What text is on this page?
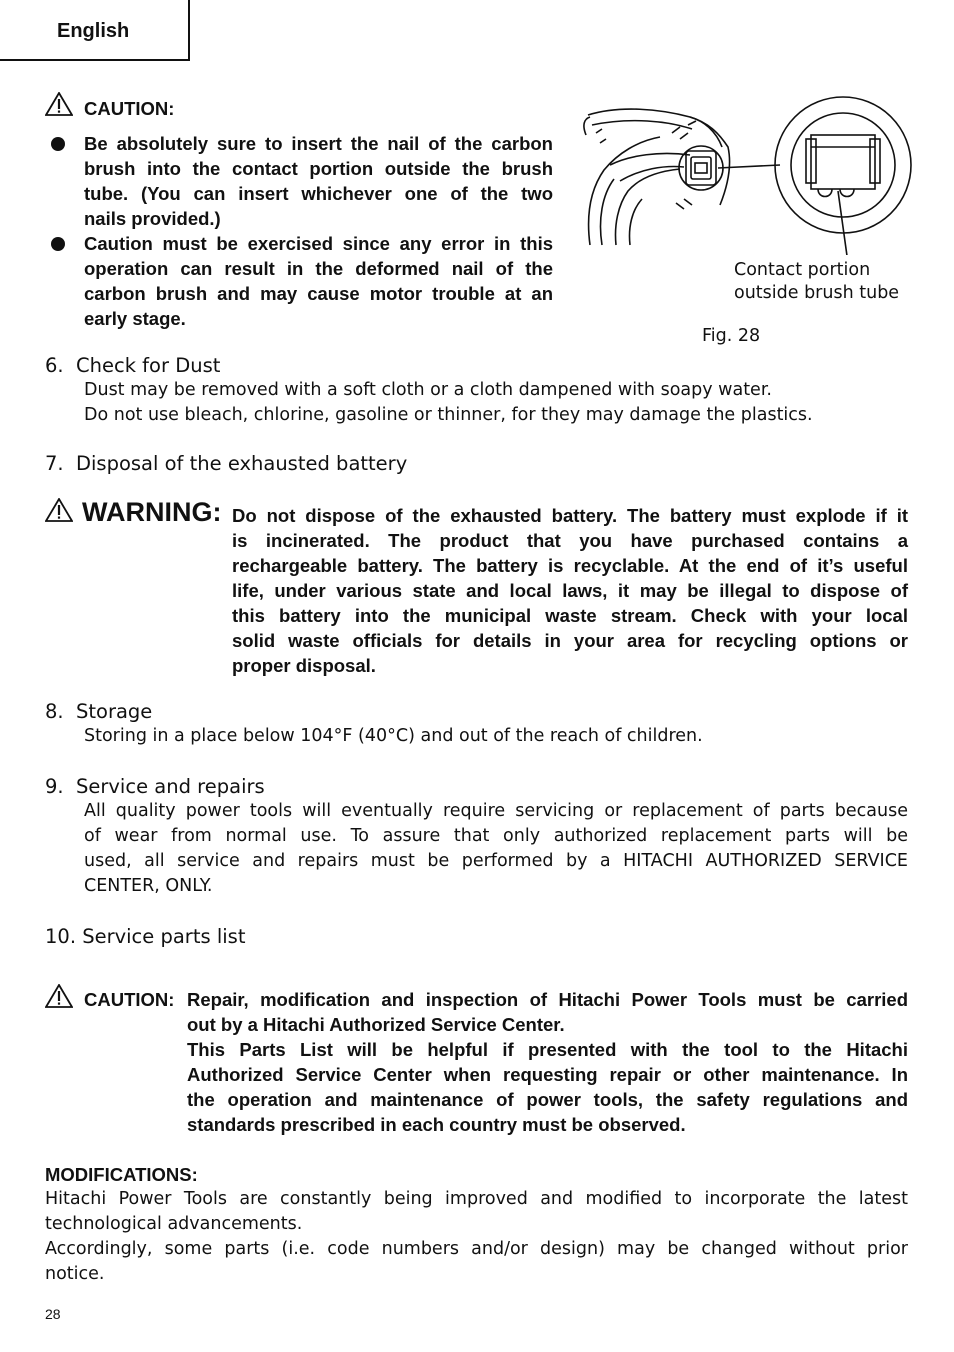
English
CAUTION:
Be absolutely sure to insert the nail of the carbon
brush into the contact portion outside the brush
tube. (You can insert whichever one of the two
nails provided.)
Caution must be exercised since any error in this
operation can result in the deformed nail of the
carbon brush and may cause motor trouble at an
early stage.
Contact portion
outside brush tube
Fig. 28
6.  Check for Dust
Dust may be removed with a soft cloth or a cloth dampened with soapy water.
Do not use bleach, chlorine, gasoline or thinner, for they may damage the plastics.
7.  Disposal of the exhausted battery
WARNING: Do not dispose of the exhausted battery. The battery must explode if it
is incinerated. The product that you have purchased contains a
rechargeable battery. The battery is recyclable. At the end of it’s useful
life, under various state and local laws, it may be illegal to dispose of
this battery into the municipal waste stream. Check with your local
solid waste officials for details in your area for recycling options or
proper disposal.
8.  Storage
Storing in a place below 104°F (40°C) and out of the reach of children.
9.  Service and repairs
All quality power tools will eventually require servicing or replacement of parts because
of wear from normal use. To assure that only authorized replacement parts will be
used, all service and repairs must be performed by a HITACHI AUTHORIZED SERVICE
CENTER, ONLY.
10. Service parts list
CAUTION: Repair, modification and inspection of Hitachi Power Tools must be carried
out by a Hitachi Authorized Service Center.
This Parts List will be helpful if presented with the tool to the Hitachi
Authorized Service Center when requesting repair or other maintenance. In
the operation and maintenance of power tools, the safety regulations and
standards prescribed in each country must be observed.
MODIFICATIONS:
Hitachi Power Tools are constantly being improved and modified to incorporate the latest
technological advancements.
Accordingly, some parts (i.e. code numbers and/or design) may be changed without prior
notice.
28
